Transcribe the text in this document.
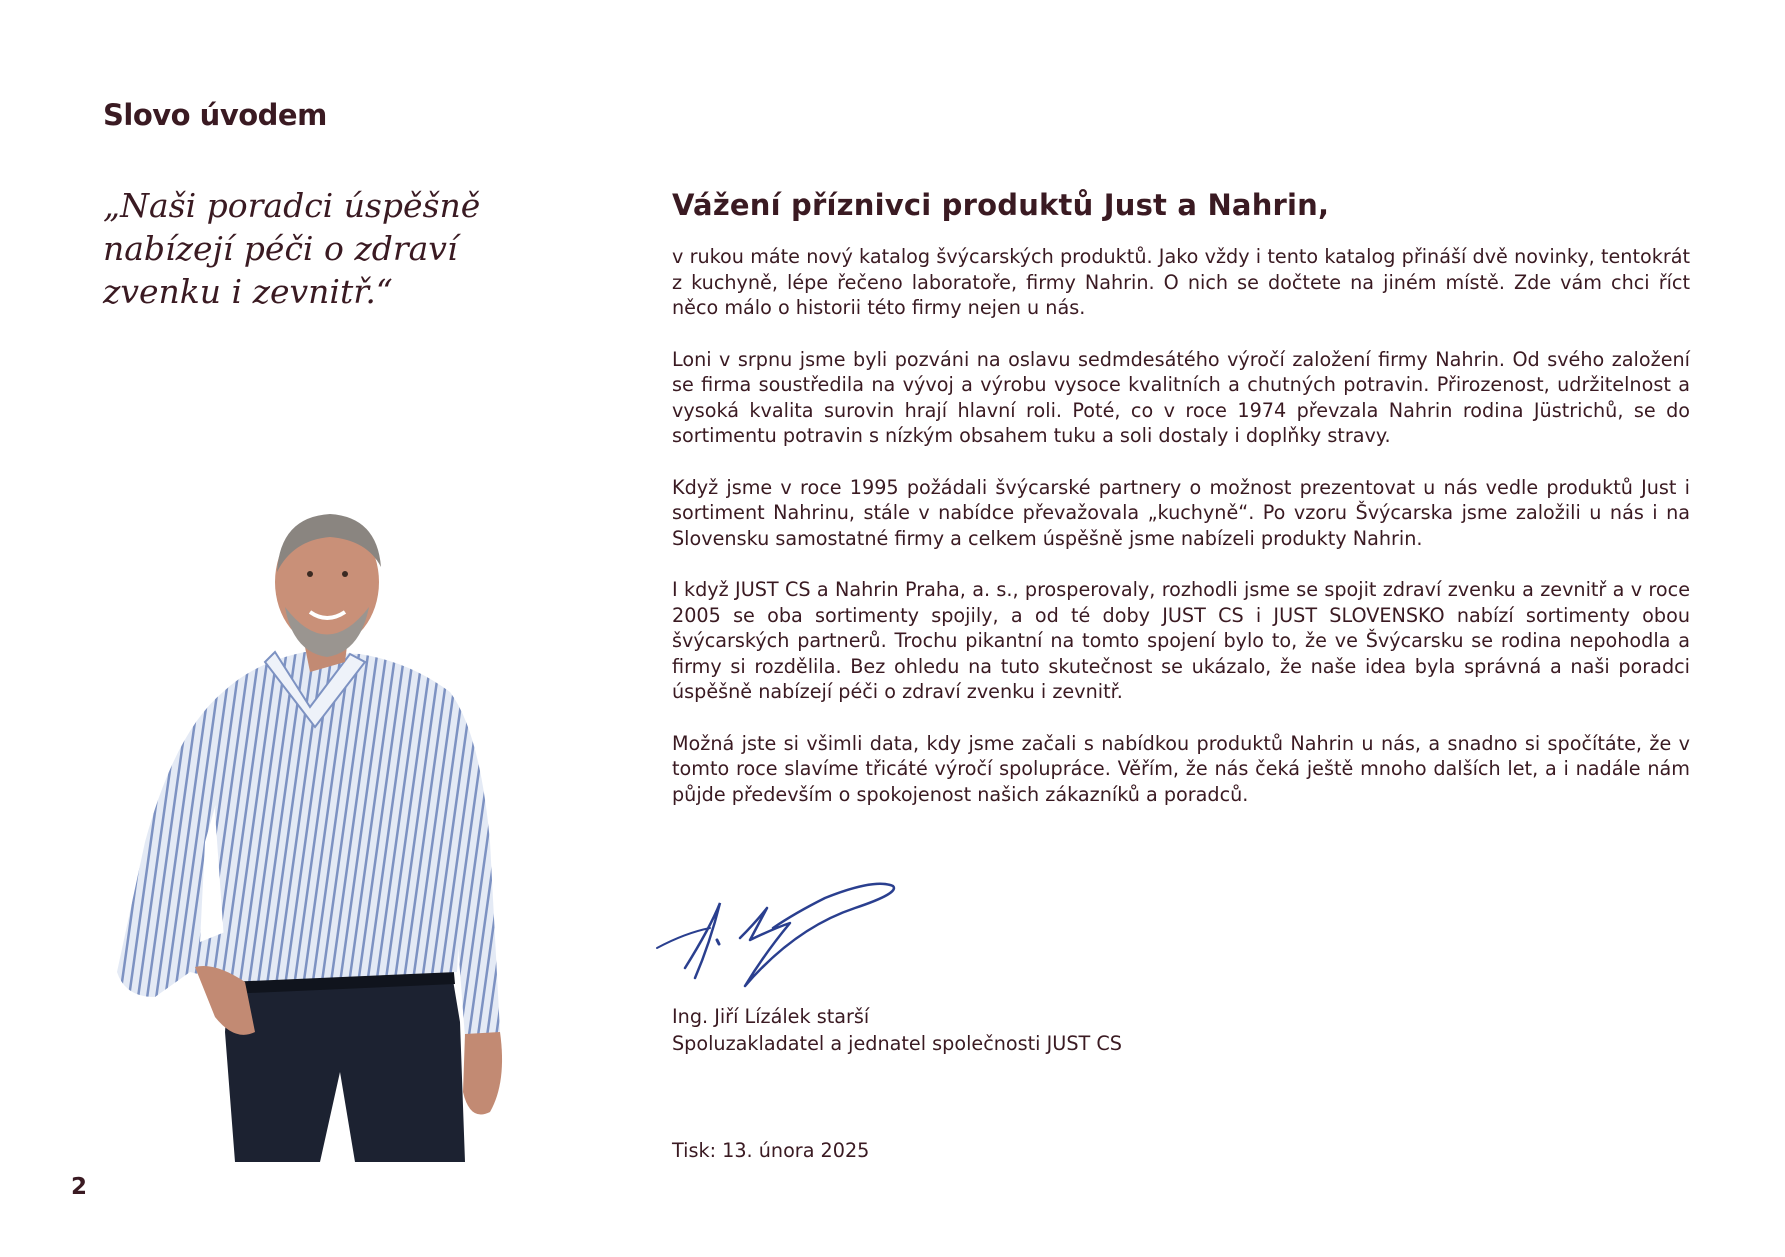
Slovo úvodem

„Naši poradci úspěšně nabízejí péči o zdraví zvenku i zevnitř.“

2

Vážení příznivci produktů Just a Nahrin,

v rukou máte nový katalog švýcarských produktů. Jako vždy i tento katalog přináší dvě novinky, tentokrát z kuchyně, lépe řečeno laboratoře, firmy Nahrin. O nich se dočtete na jiném místě. Zde vám chci říct něco málo o historii této firmy nejen u nás.

Loni v srpnu jsme byli pozváni na oslavu sedmdesátého výročí založení firmy Nahrin. Od svého založení se firma soustředila na vývoj a výrobu vysoce kvalitních a chutných potravin. Přirozenost, udržitelnost a vysoká kvalita surovin hrají hlavní roli. Poté, co v roce 1974 převzala Nahrin rodina Jüstrichů, se do sortimentu potravin s nízkým obsahem tuku a soli dostaly i doplňky stravy.

Když jsme v roce 1995 požádali švýcarské partnery o možnost prezentovat u nás vedle produktů Just i sortiment Nahrinu, stále v nabídce převažovala „kuchyně“. Po vzoru Švýcarska jsme založili u nás i na Slovensku samostatné firmy a celkem úspěšně jsme nabízeli produkty Nahrin.

I když JUST CS a Nahrin Praha, a. s., prosperovaly, rozhodli jsme se spojit zdraví zvenku a zevnitř a v roce 2005 se oba sortimenty spojily, a od té doby JUST CS i JUST SLOVENSKO nabízí sortimenty obou švýcarských partnerů. Trochu pikantní na tomto spojení bylo to, že ve Švýcarsku se rodina nepohodla a firmy si rozdělila. Bez ohledu na tuto skutečnost se ukázalo, že naše idea byla správná a naši poradci úspěšně nabízejí péči o zdraví zvenku i zevnitř.

Možná jste si všimli data, kdy jsme začali s nabídkou produktů Nahrin u nás, a snadno si spočítáte, že v tomto roce slavíme třicáté výročí spolupráce. Věřím, že nás čeká ještě mnoho dalších let, a i nadále nám půjde především o spokojenost našich zákazníků a poradců.

Ing. Jiří Lízálek starší
Spoluzakladatel a jednatel společnosti JUST CS

Tisk: 13. února 2025
